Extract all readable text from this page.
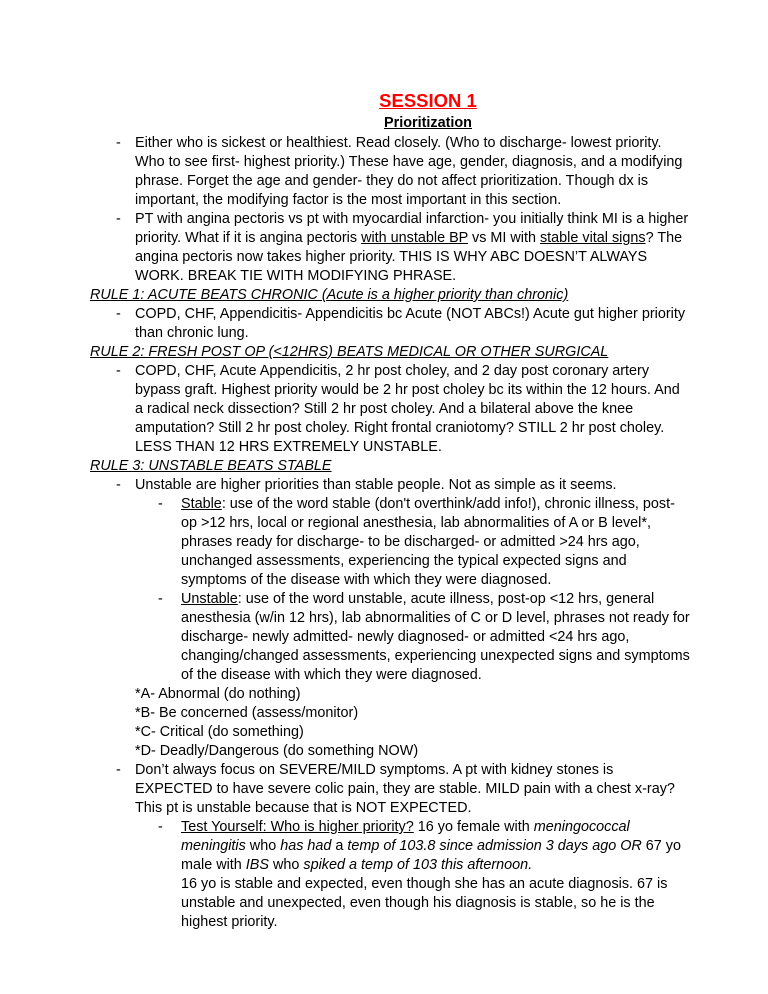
SESSION 1
Prioritization
- Either who is sickest or healthiest. Read closely. (Who to discharge- lowest priority. Who to see first- highest priority.) These have age, gender, diagnosis, and a modifying phrase. Forget the age and gender- they do not affect prioritization. Though dx is important, the modifying factor is the most important in this section.
- PT with angina pectoris vs pt with myocardial infarction- you initially think MI is a higher priority. What if it is angina pectoris with unstable BP vs MI with stable vital signs? The angina pectoris now takes higher priority. THIS IS WHY ABC DOESN’T ALWAYS WORK. BREAK TIE WITH MODIFYING PHRASE.
RULE 1: ACUTE BEATS CHRONIC (Acute is a higher priority than chronic)
- COPD, CHF, Appendicitis- Appendicitis bc Acute (NOT ABCs!) Acute gut higher priority than chronic lung.
RULE 2: FRESH POST OP (<12HRS) BEATS MEDICAL OR OTHER SURGICAL
- COPD, CHF, Acute Appendicitis, 2 hr post choley, and 2 day post coronary artery bypass graft. Highest priority would be 2 hr post choley bc its within the 12 hours. And a radical neck dissection? Still 2 hr post choley. And a bilateral above the knee amputation? Still 2 hr post choley. Right frontal craniotomy? STILL 2 hr post choley. LESS THAN 12 HRS EXTREMELY UNSTABLE.
RULE 3: UNSTABLE BEATS STABLE
- Unstable are higher priorities than stable people. Not as simple as it seems.
- Stable: use of the word stable (don't overthink/add info!), chronic illness, post-op >12 hrs, local or regional anesthesia, lab abnormalities of A or B level*, phrases ready for discharge- to be discharged- or admitted >24 hrs ago, unchanged assessments, experiencing the typical expected signs and symptoms of the disease with which they were diagnosed.
- Unstable: use of the word unstable, acute illness, post-op <12 hrs, general anesthesia (w/in 12 hrs), lab abnormalities of C or D level, phrases not ready for discharge- newly admitted- newly diagnosed- or admitted <24 hrs ago, changing/changed assessments, experiencing unexpected signs and symptoms of the disease with which they were diagnosed.
*A- Abnormal (do nothing)
*B- Be concerned (assess/monitor)
*C- Critical (do something)
*D- Deadly/Dangerous (do something NOW)
- Don’t always focus on SEVERE/MILD symptoms. A pt with kidney stones is EXPECTED to have severe colic pain, they are stable. MILD pain with a chest x-ray? This pt is unstable because that is NOT EXPECTED.
- Test Yourself: Who is higher priority? 16 yo female with meningococcal meningitis who has had a temp of 103.8 since admission 3 days ago OR 67 yo male with IBS who spiked a temp of 103 this afternoon.
16 yo is stable and expected, even though she has an acute diagnosis. 67 is unstable and unexpected, even though his diagnosis is stable, so he is the highest priority.
